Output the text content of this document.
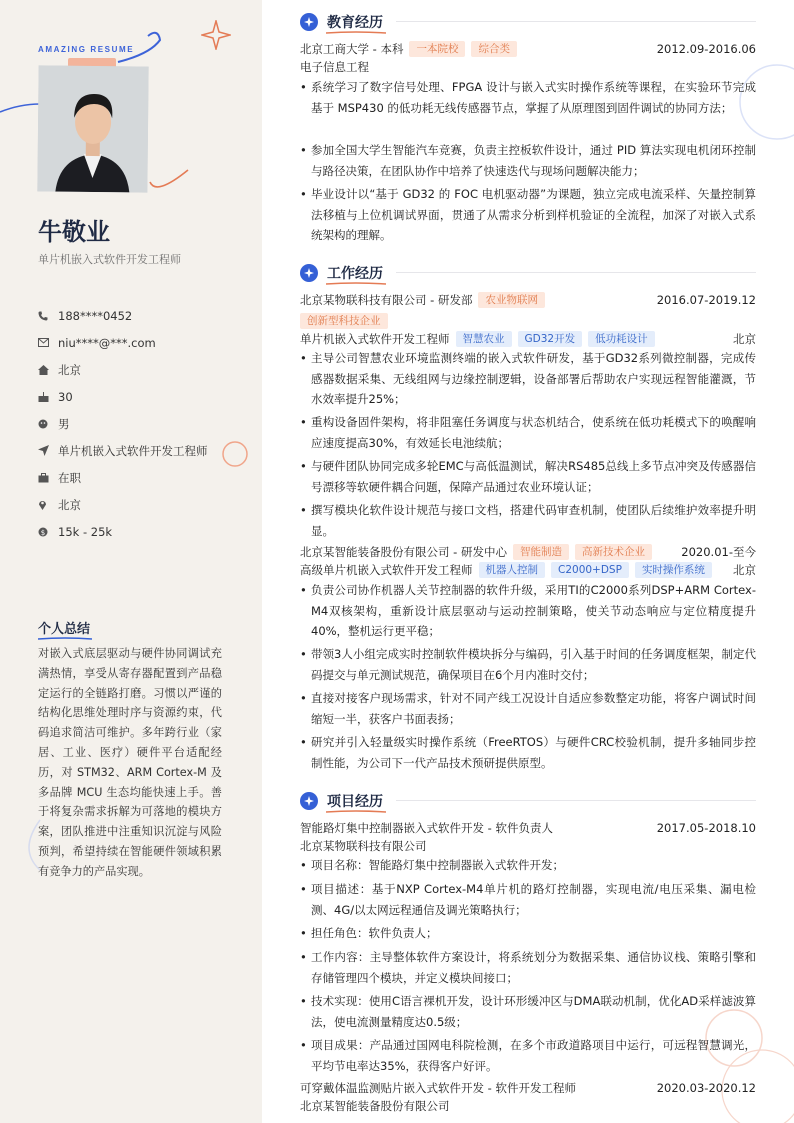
AMAZING RESUME
牛敬业
单片机嵌入式软件开发工程师
188****0452
niu****@***.com
北京
30
男
单片机嵌入式软件开发工程师
在职
北京
$ 15k - 25k
个人总结
对嵌入式底层驱动与硬件协同调试充满热情，享受从寄存器配置到产品稳定运行的全链路打磨。习惯以严谨的结构化思维处理时序与资源约束，代码追求简洁可维护。多年跨行业（家居、工业、医疗）硬件平台适配经历，对 STM32、ARM Cortex-M 及多品牌 MCU 生态均能快速上手。善于将复杂需求拆解为可落地的模块方案，团队推进中注重知识沉淀与风险预判，希望持续在智能硬件领域积累有竞争力的产品实现。
教育经历
北京工商大学 - 本科	一本院校	综合类	2012.09-2016.06
电子信息工程
• 系统学习了数字信号处理、FPGA 设计与嵌入式实时操作系统等课程，在实验环节完成基于 MSP430 的低功耗无线传感器节点，掌握了从原理图到固件调试的协同方法；
• 参加全国大学生智能汽车竞赛，负责主控板软件设计，通过 PID 算法实现电机闭环控制与路径决策，在团队协作中培养了快速迭代与现场问题解决能力；
• 毕业设计以“基于 GD32 的 FOC 电机驱动器”为课题，独立完成电流采样、矢量控制算法移植与上位机调试界面，贯通了从需求分析到样机验证的全流程，加深了对嵌入式系统架构的理解。
工作经历
北京某物联科技有限公司 - 研发部	农业物联网	2016.07-2019.12
创新型科技企业
单片机嵌入式软件开发工程师	智慧农业	GD32开发	低功耗设计	北京
• 主导公司智慧农业环境监测终端的嵌入式软件研发，基于GD32系列微控制器，完成传感器数据采集、无线组网与边缘控制逻辑，设备部署后帮助农户实现远程智能灌溉，节水效率提升25%；
• 重构设备固件架构，将非阻塞任务调度与状态机结合，使系统在低功耗模式下的唤醒响应速度提高30%，有效延长电池续航；
• 与硬件团队协同完成多轮EMC与高低温测试，解决RS485总线上多节点冲突及传感器信号漂移等软硬件耦合问题，保障产品通过农业环境认证；
• 撰写模块化软件设计规范与接口文档，搭建代码审查机制，使团队后续维护效率提升明显。
北京某智能装备股份有限公司 - 研发中心	智能制造	高新技术企业	2020.01-至今
高级单片机嵌入式软件开发工程师	机器人控制	C2000+DSP	实时操作系统	北京
• 负责公司协作机器人关节控制器的软件升级，采用TI的C2000系列DSP+ARM Cortex-M4双核架构，重新设计底层驱动与运动控制策略，使关节动态响应与定位精度提升40%，整机运行更平稳；
• 带领3人小组完成实时控制软件模块拆分与编码，引入基于时间的任务调度框架，制定代码提交与单元测试规范，确保项目在6个月内准时交付；
• 直接对接客户现场需求，针对不同产线工况设计自适应参数整定功能，将客户调试时间缩短一半，获客户书面表扬；
• 研究并引入轻量级实时操作系统（FreeRTOS）与硬件CRC校验机制，提升多轴同步控制性能，为公司下一代产品技术预研提供原型。
项目经历
智能路灯集中控制器嵌入式软件开发 - 软件负责人	2017.05-2018.10
北京某物联科技有限公司
• 项目名称：智能路灯集中控制器嵌入式软件开发；
• 项目描述：基于NXP Cortex-M4单片机的路灯控制器，实现电流/电压采集、漏电检测、4G/以太网远程通信及调光策略执行；
• 担任角色：软件负责人；
• 工作内容：主导整体软件方案设计，将系统划分为数据采集、通信协议栈、策略引擎和存储管理四个模块，并定义模块间接口；
• 技术实现：使用C语言裸机开发，设计环形缓冲区与DMA联动机制，优化AD采样滤波算法，使电流测量精度达0.5级；
• 项目成果：产品通过国网电科院检测，在多个市政道路项目中运行，可远程智慧调光，平均节电率达35%，获得客户好评。
可穿戴体温监测贴片嵌入式软件开发 - 软件开发工程师	2020.03-2020.12
北京某智能装备股份有限公司
